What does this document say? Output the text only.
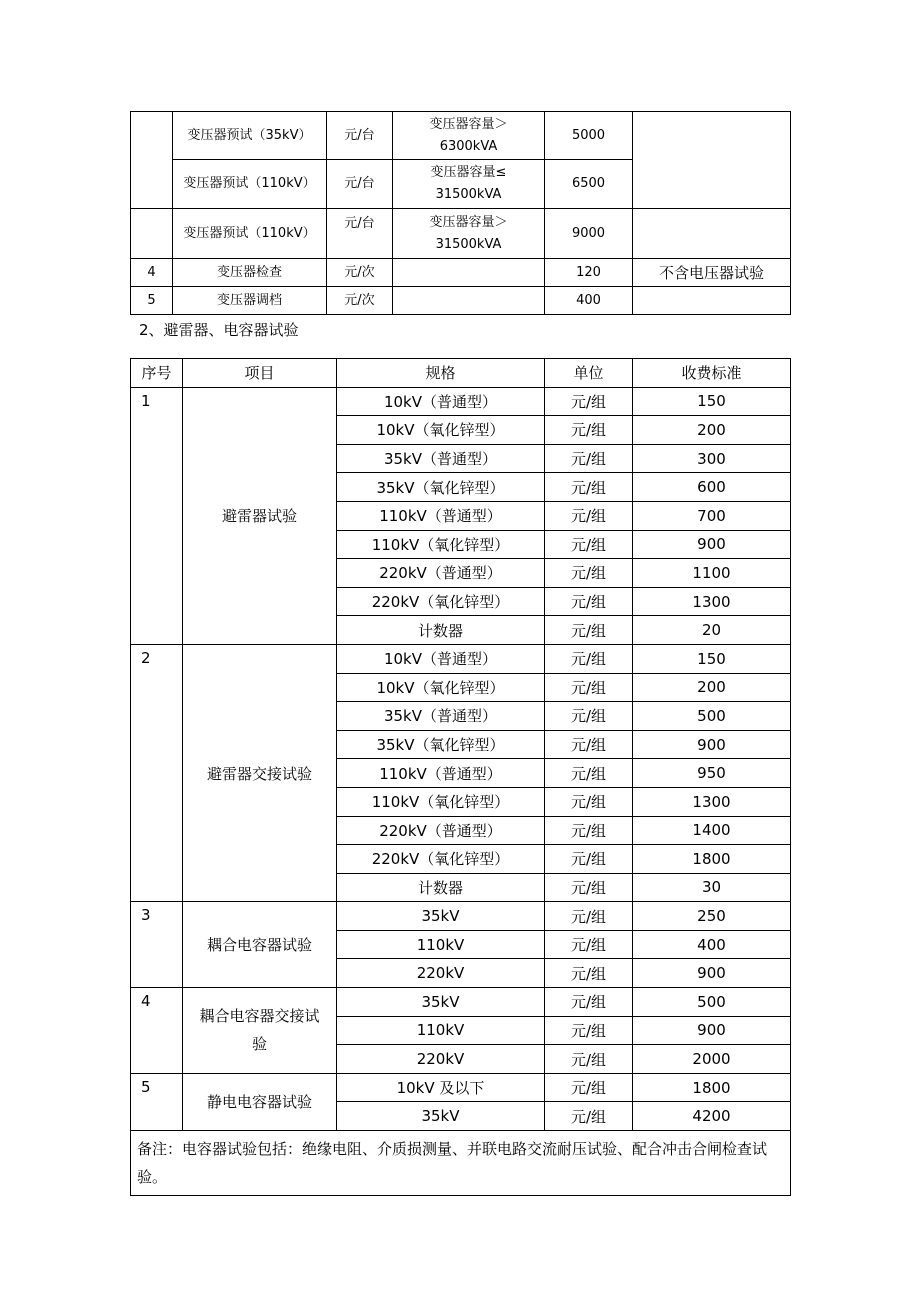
	变压器预试（35kV）	元/台	变压器容量＞
6300kVA	5000	
	变压器预试（110kV）	元/台	变压器容量≤
31500kVA	6500	
	变压器预试（110kV）	元/台	变压器容量＞
31500kVA	9000	
4	变压器检查	元/次		120	不含电压器试验
5	变压器调档	元/次		400	
2、避雷器、电容器试验
序号	项目	规格	单位	收费标准
1	避雷器试验	10kV（普通型）	元/组	150
		10kV（氧化锌型）	元/组	200
		35kV（普通型）	元/组	300
		35kV（氧化锌型）	元/组	600
		110kV（普通型）	元/组	700
		110kV（氧化锌型）	元/组	900
		220kV（普通型）	元/组	1100
		220kV（氧化锌型）	元/组	1300
		计数器	元/组	20
2	避雷器交接试验	10kV（普通型）	元/组	150
		10kV（氧化锌型）	元/组	200
		35kV（普通型）	元/组	500
		35kV（氧化锌型）	元/组	900
		110kV（普通型）	元/组	950
		110kV（氧化锌型）	元/组	1300
		220kV（普通型）	元/组	1400
		220kV（氧化锌型）	元/组	1800
		计数器	元/组	30
3	耦合电容器试验	35kV	元/组	250
		110kV	元/组	400
		220kV	元/组	900
4	耦合电容器交接试验	35kV	元/组	500
		110kV	元/组	900
		220kV	元/组	2000
5	静电电容器试验	10kV 及以下	元/组	1800
		35kV	元/组	4200
备注：电容器试验包括：绝缘电阻、介质损测量、并联电路交流耐压试验、配合冲击合闸检查试验。				
